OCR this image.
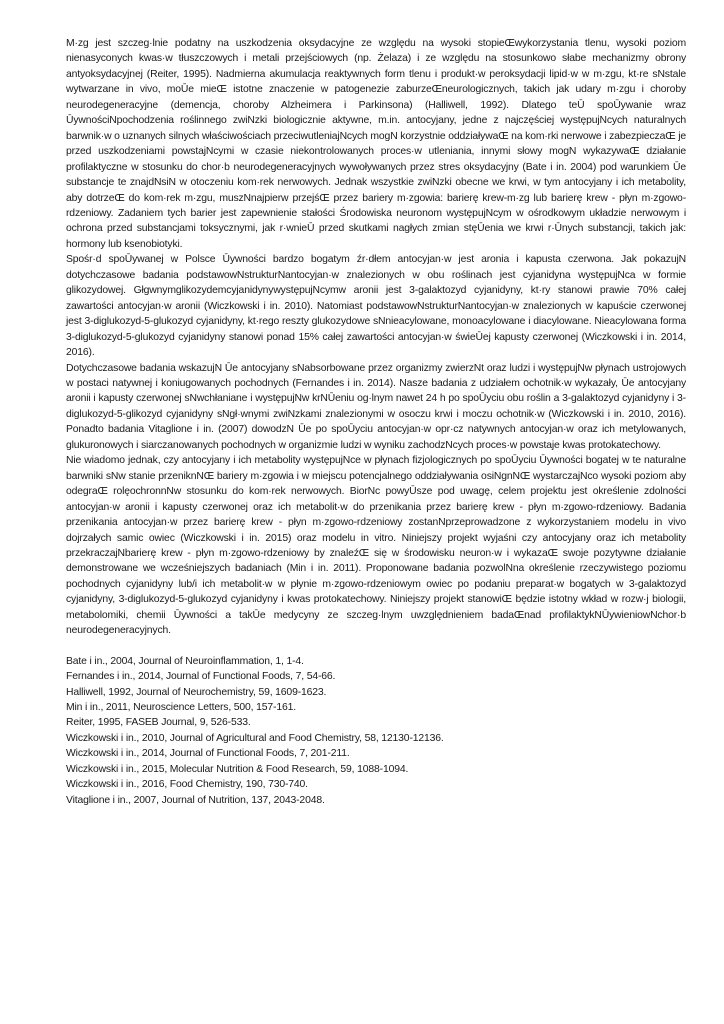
M·zg jest szczeg·lnie podatny na uszkodzenia oksydacyjne ze względu na wysoki stopieŒwykorzystania tlenu, wysoki poziom nienasyconych kwas·w tłuszczowych i metali przejściowych (np. Żelaza) i ze względu na stosunkowo słabe mechanizmy obrony antyoksydacyjnej (Reiter, 1995). Nadmierna akumulacja reaktywnych form tlenu i produkt·w peroksydacji lipid·w w m·zgu, kt·re sNstale wytwarzane in vivo, moŪe mieŒ istotne znaczenie w patogenezie zaburzeŒneurologicznych, takich jak udary m·zgu i choroby neurodegeneracyjne (demencja, choroby Alzheimera i Parkinsona) (Halliwell, 1992). Dlatego teŪ spoŪywanie wraz ŪywnościNpochodzenia roślinnego zwiNzki biologicznie aktywne, m.in. antocyjany, jedne z najczęściej występujNcych naturalnych barwnik·w o uznanych silnych właściwościach przeciwutleniajNcych mogN korzystnie oddziaływaŒ na kom·rki nerwowe i zabezpieczaŒ je przed uszkodzeniami powstajNcymi w czasie niekontrolowanych proces·w utleniania, innymi słowy mogN wykazywaŒ działanie profilaktyczne w stosunku do chor·b neurodegeneracyjnych wywoływanych przez stres oksydacyjny (Bate i in. 2004) pod warunkiem Ūe substancje te znajdNsiN w otoczeniu kom·rek nerwowych. Jednak wszystkie zwiNzki obecne we krwi, w tym antocyjany i ich metabolity, aby dotrzeŒ do kom·rek m·zgu, muszNnajpierw przejśŒ przez bariery m·zgowia: barierę krew-m·zg lub barierę krew - płyn m·zgowo-rdzeniowy. Zadaniem tych barier jest zapewnienie stałości Środowiska neuronom występujNcym w ośrodkowym układzie nerwowym i ochrona przed substancjami toksycznymi, jak r·wnieŪ przed skutkami nagłych zmian stęŪenia we krwi r·Ūnych substancji, takich jak: hormony lub ksenobiotyki.

Spośr·d spoŪywanej w Polsce Ūywności bardzo bogatym źr·dłem antocyjan·w jest aronia i kapusta czerwona. Jak pokazujN dotychczasowe badania podstawowNstrukturNantocyjan·w znalezionych w obu roślinach jest cyjanidyna występujNca w formie glikozydowej. GłgwnymglikozydemcyjanidynywystępujNcymw aronii jest 3-galaktozyd cyjanidyny, kt·ry stanowi prawie 70% całej zawartości antocyjan·w aronii (Wiczkowski i in. 2010). Natomiast podstawowNstrukturNantocyjan·w znalezionych w kapuście czerwonej jest 3-diglukozyd-5-glukozyd cyjanidyny, kt·rego reszty glukozydowe sNnieacylowane, monoacylowane i diacylowane. Nieacylowana forma 3-diglukozyd-5-glukozyd cyjanidyny stanowi ponad 15% całej zawartości antocyjan·w świeŪej kapusty czerwonej (Wiczkowski i in. 2014, 2016).

Dotychczasowe badania wskazujN Ūe antocyjany sNabsorbowane przez organizmy zwierzNt oraz ludzi i występujNw płynach ustrojowych w postaci natywnej i koniugowanych pochodnych (Fernandes i in. 2014). Nasze badania z udziałem ochotnik·w wykazały, Ūe antocyjany aronii i kapusty czerwonej sNwchłaniane i występujNw krNŪeniu og·lnym nawet 24 h po spoŪyciu obu roślin a 3-galaktozyd cyjanidyny i 3-diglukozyd-5-glikozyd cyjanidyny sNgł·wnymi zwiNzkami znalezionymi w osoczu krwi i moczu ochotnik·w (Wiczkowski i in. 2010, 2016). Ponadto badania Vitaglione i in. (2007) dowodzN Ūe po spoŪyciu antocyjan·w opr·cz natywnych antocyjan·w oraz ich metylowanych, glukuronowych i siarczanowanych pochodnych w organizmie ludzi w wyniku zachodzNcych proces·w powstaje kwas protokatechowy.

Nie wiadomo jednak, czy antocyjany i ich metabolity występujNce w płynach fizjologicznych po spoŪyciu Ūywności bogatej w te naturalne barwniki sNw stanie przeniknNŒ bariery m·zgowia i w miejscu potencjalnego oddziaływania osiNgnNŒ wystarczajNco wysoki poziom aby odegraŒ rolęochronnNw stosunku do kom·rek nerwowych. BiorNc powyŪsze pod uwagę, celem projektu jest określenie zdolności antocyjan·w aronii i kapusty czerwonej oraz ich metabolit·w do przenikania przez barierę krew - płyn m·zgowo-rdzeniowy. Badania przenikania antocyjan·w przez barierę krew - płyn m·zgowo-rdzeniowy zostanNprzeprowadzone z wykorzystaniem modelu in vivo dojrzałych samic owiec (Wiczkowski i in. 2015) oraz modelu in vitro. Niniejszy projekt wyjaśni czy antocyjany oraz ich metabolity przekraczajNbarierę krew - płyn m·zgowo-rdzeniowy by znaleźŒ się w środowisku neuron·w i wykazaŒ swoje pozytywne działanie demonstrowane we wcześniejszych badaniach (Min i in. 2011). Proponowane badania pozwolNna określenie rzeczywistego poziomu pochodnych cyjanidyny lub/i ich metabolit·w w płynie m·zgowo-rdzeniowym owiec po podaniu preparat·w bogatych w 3-galaktozyd cyjanidyny, 3-diglukozyd-5-glukozyd cyjanidyny i kwas protokatechowy. Niniejszy projekt stanowiŒ będzie istotny wkład w rozw·j biologii, metabolomiki, chemii Ūywności a takŪe medycyny ze szczeg·lnym uwzględnieniem badaŒnad profilaktykNŪywieniowNchor·b neurodegeneracyjnych.

Bate i in., 2004, Journal of Neuroinflammation, 1, 1-4.

Fernandes i in., 2014, Journal of Functional Foods, 7, 54-66.

Halliwell, 1992, Journal of Neurochemistry, 59, 1609-1623.

Min i in., 2011, Neuroscience Letters, 500, 157-161.

Reiter, 1995, FASEB Journal, 9, 526-533.

Wiczkowski i in., 2010, Journal of Agricultural and Food Chemistry, 58, 12130-12136.

Wiczkowski i in., 2014, Journal of Functional Foods, 7, 201-211.

Wiczkowski i in., 2015, Molecular Nutrition & Food Research, 59, 1088-1094.

Wiczkowski i in., 2016, Food Chemistry, 190, 730-740.

Vitaglione i in., 2007, Journal of Nutrition, 137, 2043-2048.
